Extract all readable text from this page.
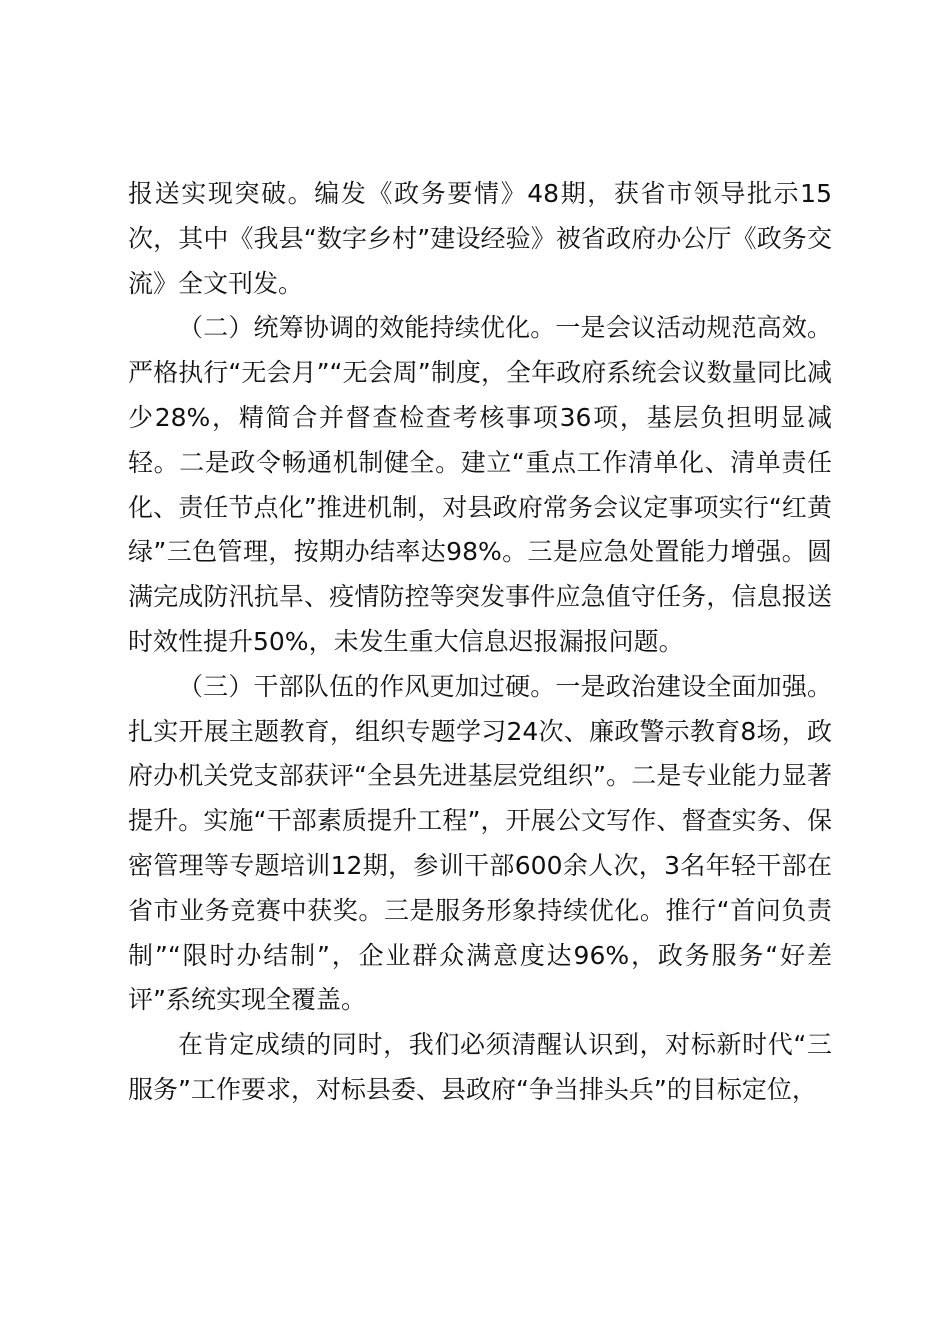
报送实现突破。编发《政务要情》48期，获省市领导批示15次，其中《我县“数字乡村”建设经验》被省政府办公厅《政务交流》全文刊发。

（二）统筹协调的效能持续优化。一是会议活动规范高效。严格执行“无会月”“无会周”制度，全年政府系统会议数量同比减少28%，精简合并督查检查考核事项36项，基层负担明显减轻。二是政令畅通机制健全。建立“重点工作清单化、清单责任化、责任节点化”推进机制，对县政府常务会议定事项实行“红黄绿”三色管理，按期办结率达98%。三是应急处置能力增强。圆满完成防汛抗旱、疫情防控等突发事件应急值守任务，信息报送时效性提升50%，未发生重大信息迟报漏报问题。

（三）干部队伍的作风更加过硬。一是政治建设全面加强。扎实开展主题教育，组织专题学习24次、廉政警示教育8场，政府办机关党支部获评“全县先进基层党组织”。二是专业能力显著提升。实施“干部素质提升工程”，开展公文写作、督查实务、保密管理等专题培训12期，参训干部600余人次，3名年轻干部在省市业务竞赛中获奖。三是服务形象持续优化。推行“首问负责制”“限时办结制”，企业群众满意度达96%，政务服务“好差评”系统实现全覆盖。

在肯定成绩的同时，我们必须清醒认识到，对标新时代“三服务”工作要求，对标县委、县政府“争当排头兵”的目标定位，
